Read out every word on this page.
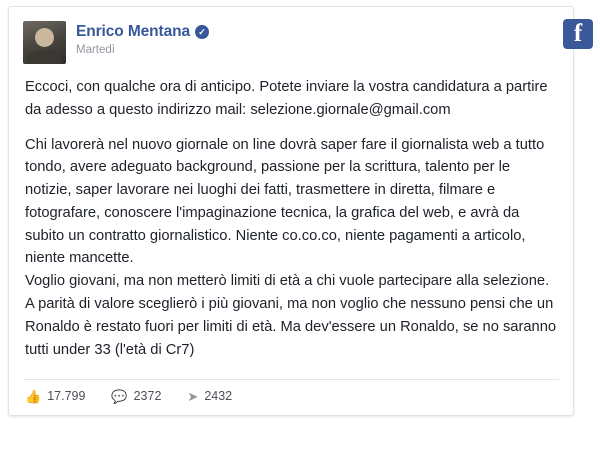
Enrico Mentana ✓
Martedì
f

Eccoci, con qualche ora di anticipo. Potete inviare la vostra candidatura a partire da adesso a questo indirizzo mail: selezione.giornale@gmail.com

Chi lavorerà nel nuovo giornale on line dovrà saper fare il giornalista web a tutto tondo, avere adeguato background, passione per la scrittura, talento per le notizie, saper lavorare nei luoghi dei fatti, trasmettere in diretta, filmare e fotografare, conoscere l'impaginazione tecnica, la grafica del web, e avrà da subito un contratto giornalistico. Niente co.co.co, niente pagamenti a articolo, niente mancette.

Voglio giovani, ma non metterò limiti di età a chi vuole partecipare alla selezione. A parità di valore sceglierò i più giovani, ma non voglio che nessuno pensi che un Ronaldo è restato fuori per limiti di età. Ma dev'essere un Ronaldo, se no saranno tutti under 33 (l'età di Cr7)

👍 17.799 💬 2372 ➤ 2432
